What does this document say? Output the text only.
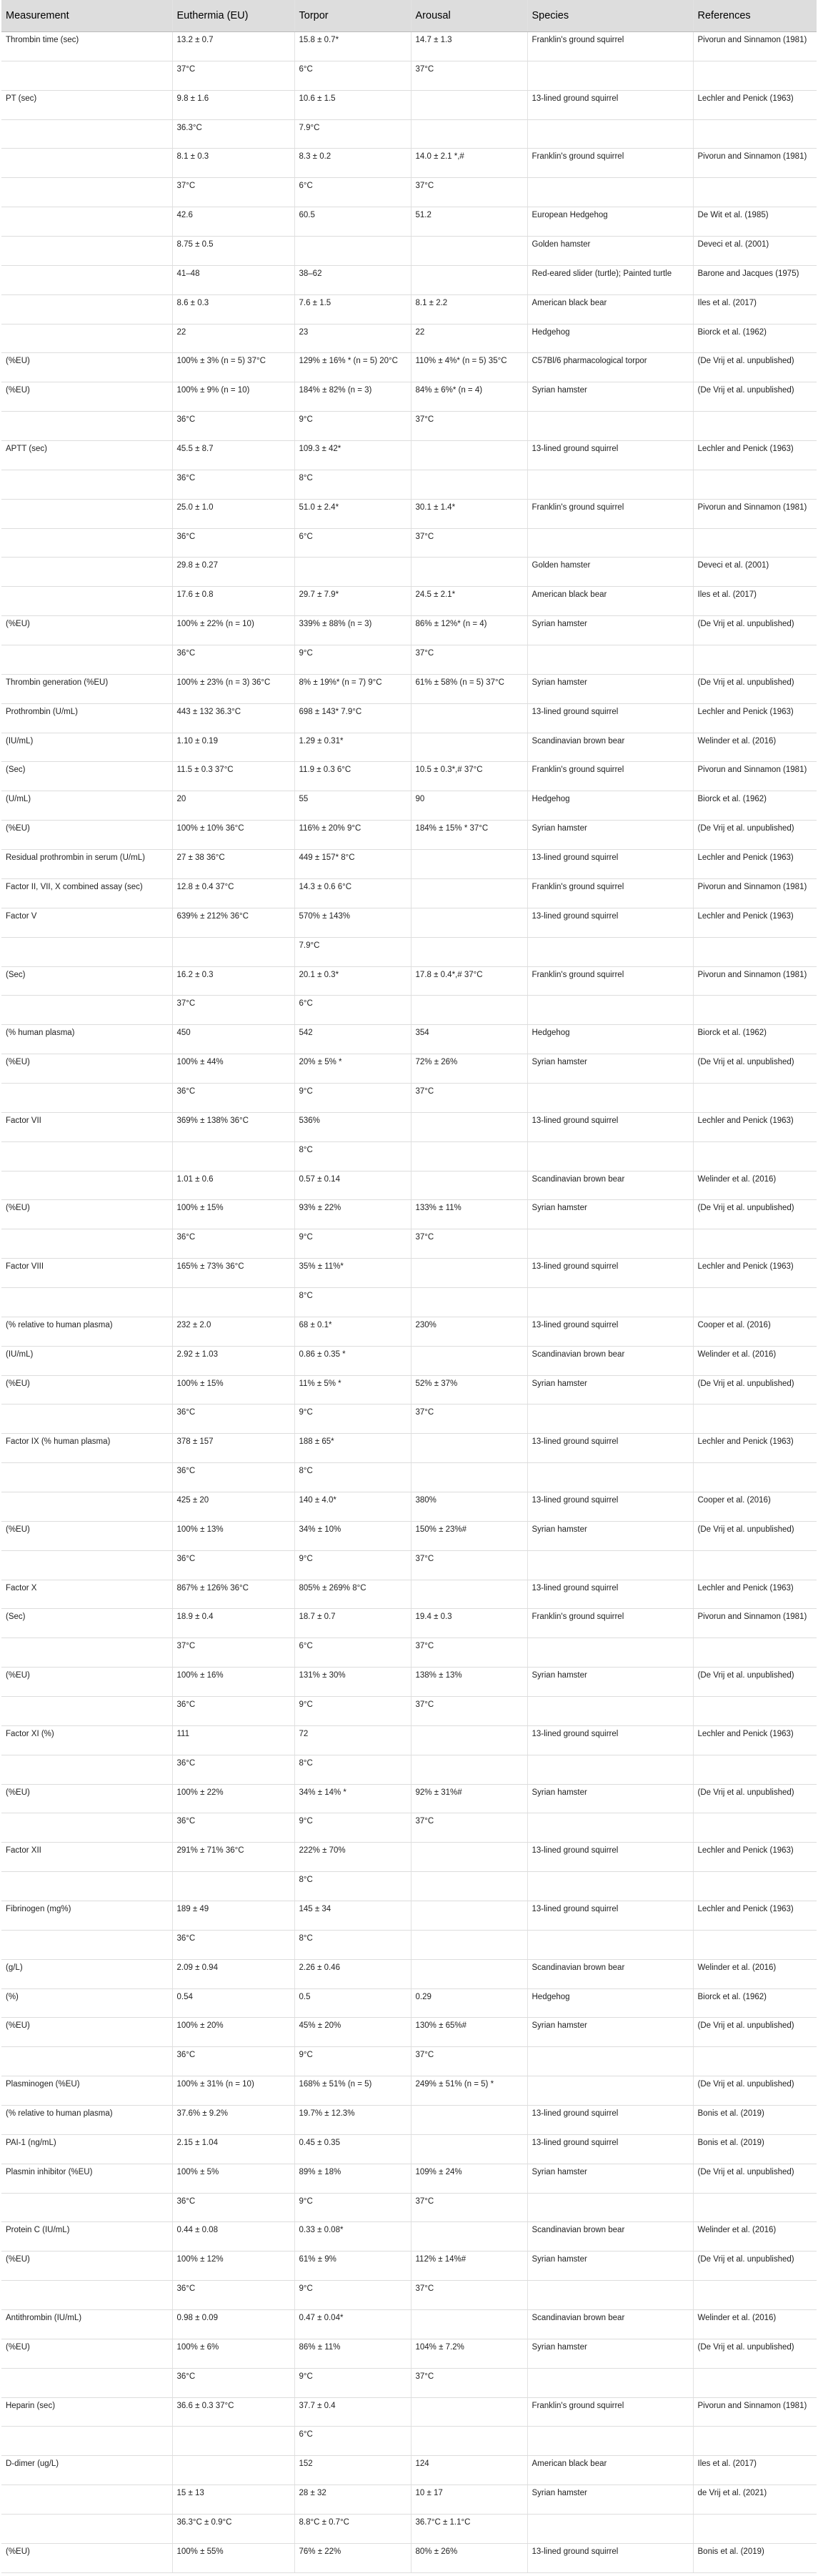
Measurement	Euthermia (EU)	Torpor	Arousal	Species	References
Thrombin time (sec)	13.2 ± 0.7	15.8 ± 0.7*	14.7 ± 1.3	Franklin's ground squirrel	Pivorun and Sinnamon (1981)
	37°C	6°C	37°C		
PT (sec)	9.8 ± 1.6	10.6 ± 1.5		13-lined ground squirrel	Lechler and Penick (1963)
	36.3°C	7.9°C			
	8.1 ± 0.3	8.3 ± 0.2	14.0 ± 2.1 *,#	Franklin's ground squirrel	Pivorun and Sinnamon (1981)
	37°C	6°C	37°C		
	42.6	60.5	51.2	European Hedgehog	De Wit et al. (1985)
	8.75 ± 0.5			Golden hamster	Deveci et al. (2001)
	41–48	38–62		Red-eared slider (turtle); Painted turtle	Barone and Jacques (1975)
	8.6 ± 0.3	7.6 ± 1.5	8.1 ± 2.2	American black bear	Iles et al. (2017)
	22	23	22	Hedgehog	Biorck et al. (1962)
(%EU)	100% ± 3% (n = 5) 37°C	129% ± 16% * (n = 5) 20°C	110% ± 4%* (n = 5) 35°C	C57Bl/6 pharmacological torpor	(De Vrij et al. unpublished)
(%EU)	100% ± 9% (n = 10)	184% ± 82% (n = 3)	84% ± 6%* (n = 4)	Syrian hamster	(De Vrij et al. unpublished)
	36°C	9°C	37°C		
APTT (sec)	45.5 ± 8.7	109.3 ± 42*		13-lined ground squirrel	Lechler and Penick (1963)
	36°C	8°C			
	25.0 ± 1.0	51.0 ± 2.4*	30.1 ± 1.4*	Franklin's ground squirrel	Pivorun and Sinnamon (1981)
	36°C	6°C	37°C		
	29.8 ± 0.27			Golden hamster	Deveci et al. (2001)
	17.6 ± 0.8	29.7 ± 7.9*	24.5 ± 2.1*	American black bear	Iles et al. (2017)
(%EU)	100% ± 22% (n = 10)	339% ± 88% (n = 3)	86% ± 12%* (n = 4)	Syrian hamster	(De Vrij et al. unpublished)
	36°C	9°C	37°C		
Thrombin generation (%EU)	100% ± 23% (n = 3) 36°C	8% ± 19%* (n = 7) 9°C	61% ± 58% (n = 5) 37°C	Syrian hamster	(De Vrij et al. unpublished)
Prothrombin (U/mL)	443 ± 132 36.3°C	698 ± 143* 7.9°C		13-lined ground squirrel	Lechler and Penick (1963)
(IU/mL)	1.10 ± 0.19	1.29 ± 0.31*		Scandinavian brown bear	Welinder et al. (2016)
(Sec)	11.5 ± 0.3 37°C	11.9 ± 0.3 6°C	10.5 ± 0.3*,# 37°C	Franklin's ground squirrel	Pivorun and Sinnamon (1981)
(U/mL)	20	55	90	Hedgehog	Biorck et al. (1962)
(%EU)	100% ± 10% 36°C	116% ± 20% 9°C	184% ± 15% * 37°C	Syrian hamster	(De Vrij et al. unpublished)
Residual prothrombin in serum (U/mL)	27 ± 38 36°C	449 ± 157* 8°C		13-lined ground squirrel	Lechler and Penick (1963)
Factor II, VII, X combined assay (sec)	12.8 ± 0.4 37°C	14.3 ± 0.6 6°C		Franklin's ground squirrel	Pivorun and Sinnamon (1981)
Factor V	639% ± 212% 36°C	570% ± 143%		13-lined ground squirrel	Lechler and Penick (1963)
		7.9°C			
(Sec)	16.2 ± 0.3	20.1 ± 0.3*	17.8 ± 0.4*,# 37°C	Franklin's ground squirrel	Pivorun and Sinnamon (1981)
	37°C	6°C			
(% human plasma)	450	542	354	Hedgehog	Biorck et al. (1962)
(%EU)	100% ± 44%	20% ± 5% *	72% ± 26%	Syrian hamster	(De Vrij et al. unpublished)
	36°C	9°C	37°C		
Factor VII	369% ± 138% 36°C	536%		13-lined ground squirrel	Lechler and Penick (1963)
		8°C			
	1.01 ± 0.6	0.57 ± 0.14		Scandinavian brown bear	Welinder et al. (2016)
(%EU)	100% ± 15%	93% ± 22%	133% ± 11%	Syrian hamster	(De Vrij et al. unpublished)
	36°C	9°C	37°C		
Factor VIII	165% ± 73% 36°C	35% ± 11%*		13-lined ground squirrel	Lechler and Penick (1963)
		8°C			
(% relative to human plasma)	232 ± 2.0	68 ± 0.1*	230%	13-lined ground squirrel	Cooper et al. (2016)
(IU/mL)	2.92 ± 1.03	0.86 ± 0.35 *		Scandinavian brown bear	Welinder et al. (2016)
(%EU)	100% ± 15%	11% ± 5% *	52% ± 37%	Syrian hamster	(De Vrij et al. unpublished)
	36°C	9°C	37°C		
Factor IX (% human plasma)	378 ± 157	188 ± 65*		13-lined ground squirrel	Lechler and Penick (1963)
	36°C	8°C			
	425 ± 20	140 ± 4.0*	380%	13-lined ground squirrel	Cooper et al. (2016)
(%EU)	100% ± 13%	34% ± 10%	150% ± 23%#	Syrian hamster	(De Vrij et al. unpublished)
	36°C	9°C	37°C		
Factor X	867% ± 126% 36°C	805% ± 269% 8°C		13-lined ground squirrel	Lechler and Penick (1963)
(Sec)	18.9 ± 0.4	18.7 ± 0.7	19.4 ± 0.3	Franklin's ground squirrel	Pivorun and Sinnamon (1981)
	37°C	6°C	37°C		
(%EU)	100% ± 16%	131% ± 30%	138% ± 13%	Syrian hamster	(De Vrij et al. unpublished)
	36°C	9°C	37°C		
Factor XI (%)	111	72		13-lined ground squirrel	Lechler and Penick (1963)
	36°C	8°C			
(%EU)	100% ± 22%	34% ± 14% *	92% ± 31%#	Syrian hamster	(De Vrij et al. unpublished)
	36°C	9°C	37°C		
Factor XII	291% ± 71% 36°C	222% ± 70%		13-lined ground squirrel	Lechler and Penick (1963)
		8°C			
Fibrinogen (mg%)	189 ± 49	145 ± 34		13-lined ground squirrel	Lechler and Penick (1963)
	36°C	8°C			
(g/L)	2.09 ± 0.94	2.26 ± 0.46		Scandinavian brown bear	Welinder et al. (2016)
(%)	0.54	0.5	0.29	Hedgehog	Biorck et al. (1962)
(%EU)	100% ± 20%	45% ± 20%	130% ± 65%#	Syrian hamster	(De Vrij et al. unpublished)
	36°C	9°C	37°C		
Plasminogen (%EU)	100% ± 31% (n = 10)	168% ± 51% (n = 5)	249% ± 51% (n = 5) *		(De Vrij et al. unpublished)
(% relative to human plasma)	37.6% ± 9.2%	19.7% ± 12.3%		13-lined ground squirrel	Bonis et al. (2019)
PAI-1 (ng/mL)	2.15 ± 1.04	0.45 ± 0.35		13-lined ground squirrel	Bonis et al. (2019)
Plasmin inhibitor (%EU)	100% ± 5%	89% ± 18%	109% ± 24%	Syrian hamster	(De Vrij et al. unpublished)
	36°C	9°C	37°C		
Protein C (IU/mL)	0.44 ± 0.08	0.33 ± 0.08*		Scandinavian brown bear	Welinder et al. (2016)
(%EU)	100% ± 12%	61% ± 9%	112% ± 14%#	Syrian hamster	(De Vrij et al. unpublished)
	36°C	9°C	37°C		
Antithrombin (IU/mL)	0.98 ± 0.09	0.47 ± 0.04*		Scandinavian brown bear	Welinder et al. (2016)
(%EU)	100% ± 6%	86% ± 11%	104% ± 7.2%	Syrian hamster	(De Vrij et al. unpublished)
	36°C	9°C	37°C		
Heparin (sec)	36.6 ± 0.3 37°C	37.7 ± 0.4		Franklin's ground squirrel	Pivorun and Sinnamon (1981)
		6°C			
D-dimer (ug/L)		152	124	American black bear	Iles et al. (2017)
	15 ± 13	28 ± 32	10 ± 17	Syrian hamster	de Vrij et al. (2021)
	36.3°C ± 0.9°C	8.8°C ± 0.7°C	36.7°C ± 1.1°C		
(%EU)	100% ± 55%	76% ± 22%	80% ± 26%	13-lined ground squirrel	Bonis et al. (2019)
